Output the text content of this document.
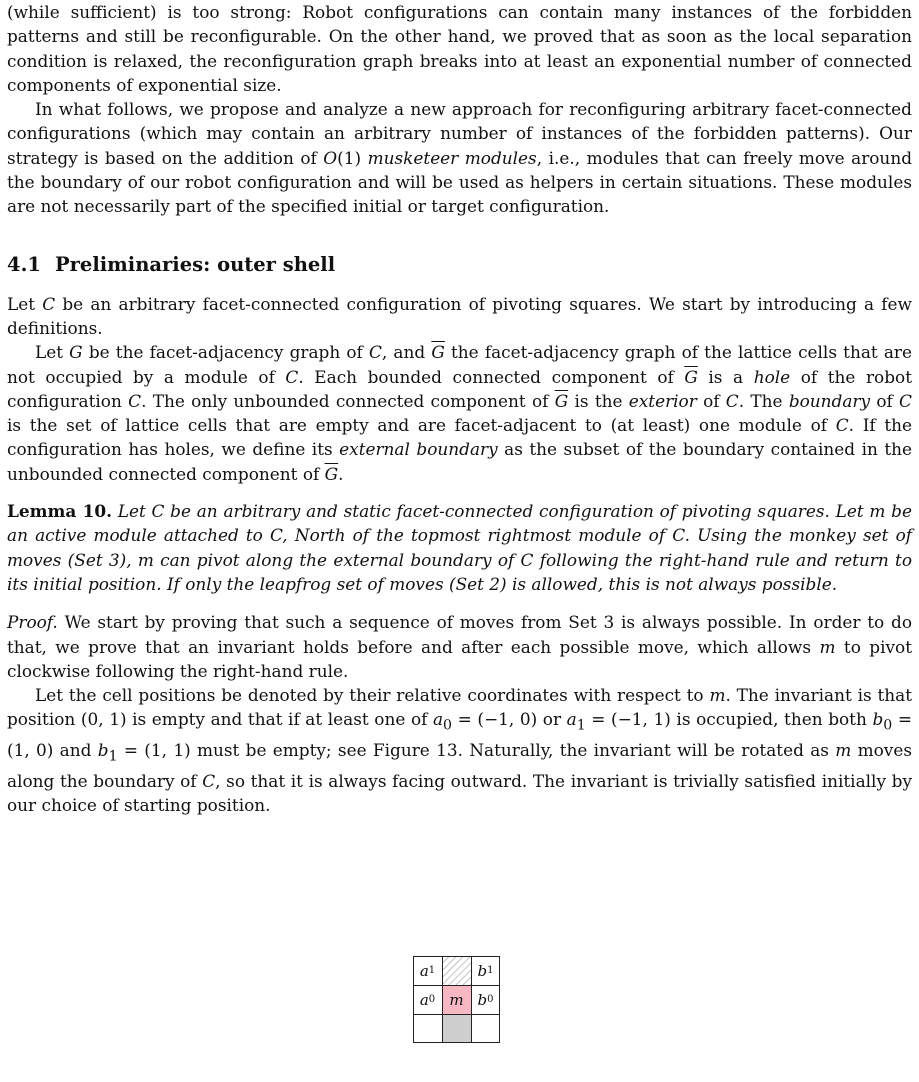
(while sufficient) is too strong: Robot configurations can contain many instances of the forbidden patterns and still be reconfigurable. On the other hand, we proved that as soon as the local separation condition is relaxed, the reconfiguration graph breaks into at least an exponential number of connected components of exponential size.

In what follows, we propose and analyze a new approach for reconfiguring arbitrary facet-connected configurations (which may contain an arbitrary number of instances of the forbidden patterns). Our strategy is based on the addition of O(1) musketeer modules, i.e., modules that can freely move around the boundary of our robot configuration and will be used as helpers in certain situations. These modules are not necessarily part of the specified initial or target configuration.

4.1 Preliminaries: outer shell

Let C be an arbitrary facet-connected configuration of pivoting squares. We start by introducing a few definitions.

Let G be the facet-adjacency graph of C, and $\overline{G}$ the facet-adjacency graph of the lattice cells that are not occupied by a module of C. Each bounded connected component of $\overline{G}$ is a hole of the robot configuration C. The only unbounded connected component of $\overline{G}$ is the exterior of C. The boundary of C is the set of lattice cells that are empty and are facet-adjacent to (at least) one module of C. If the configuration has holes, we define its external boundary as the subset of the boundary contained in the unbounded connected component of $\overline{G}$.

Lemma 10. Let C be an arbitrary and static facet-connected configuration of pivoting squares. Let m be an active module attached to C, North of the topmost rightmost module of C. Using the monkey set of moves (Set 3), m can pivot along the external boundary of C following the right-hand rule and return to its initial position. If only the leapfrog set of moves (Set 2) is allowed, this is not always possible.

Proof. We start by proving that such a sequence of moves from Set 3 is always possible. In order to do that, we prove that an invariant holds before and after each possible move, which allows m to pivot clockwise following the right-hand rule.

Let the cell positions be denoted by their relative coordinates with respect to m. The invariant is that position (0, 1) is empty and that if at least one of $a_0 = (-1$, 0) or $a_1 = (-1$, 1) is occupied, then both $b_0 = (1$, 0) and $b_1 = (1$, 1) must be empty; see Figure 13. Naturally, the invariant will be rotated as m moves along the boundary of C, so that it is always facing outward. The invariant is trivially satisfied initially by our choice of starting position.

m
a 1	b 1
a 0	b 0
